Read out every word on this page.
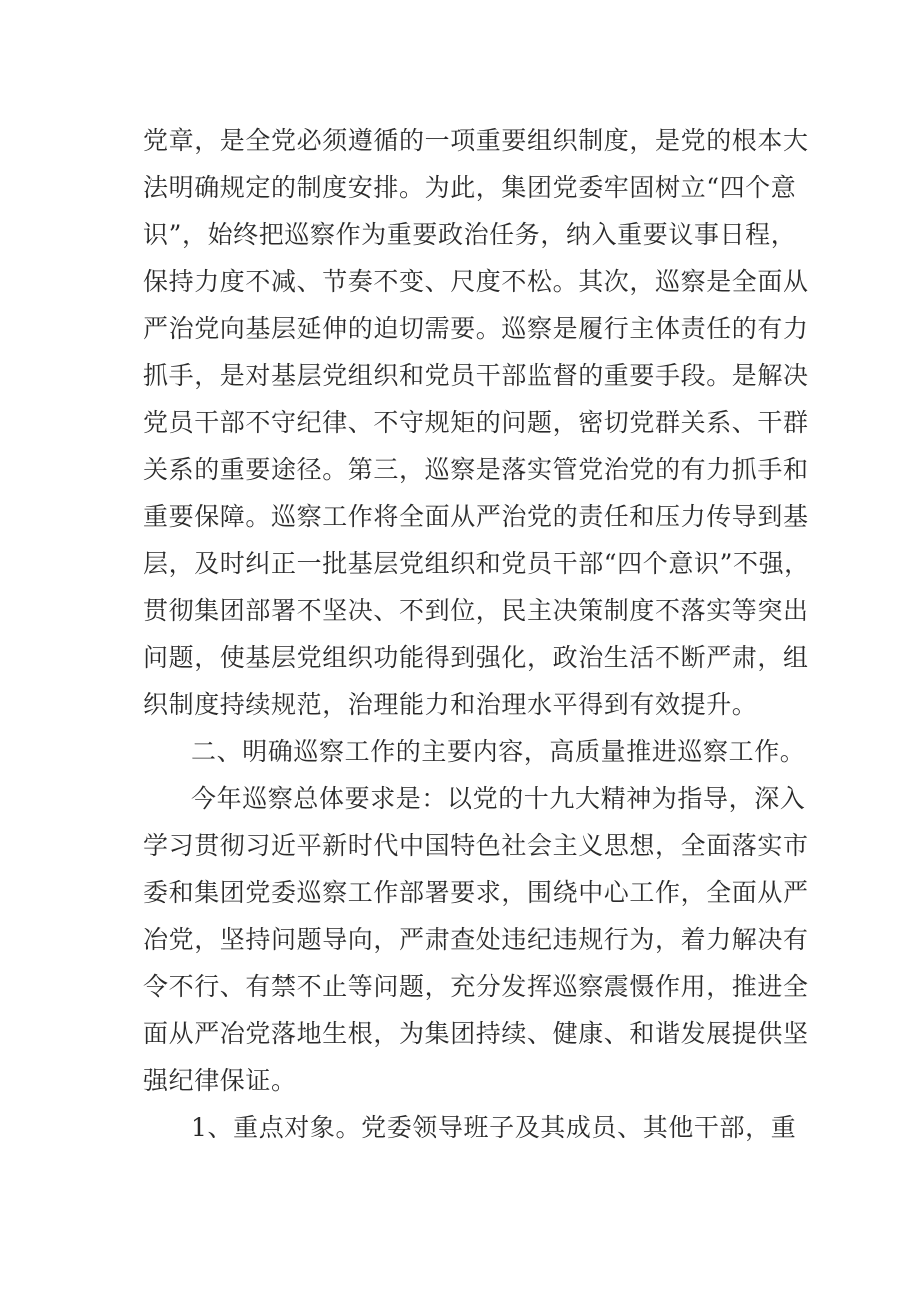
党章，是全党必须遵循的一项重要组织制度，是党的根本大
法明确规定的制度安排。为此，集团党委牢固树立“四个意
识”，始终把巡察作为重要政治任务，纳入重要议事日程，
保持力度不减、节奏不变、尺度不松。其次，巡察是全面从
严治党向基层延伸的迫切需要。巡察是履行主体责任的有力
抓手，是对基层党组织和党员干部监督的重要手段。是解决
党员干部不守纪律、不守规矩的问题，密切党群关系、干群
关系的重要途径。第三，巡察是落实管党治党的有力抓手和
重要保障。巡察工作将全面从严治党的责任和压力传导到基
层，及时纠正一批基层党组织和党员干部“四个意识”不强，
贯彻集团部署不坚决、不到位，民主决策制度不落实等突出
问题，使基层党组织功能得到强化，政治生活不断严肃，组
织制度持续规范，治理能力和治理水平得到有效提升。
二、明确巡察工作的主要内容，高质量推进巡察工作。
今年巡察总体要求是：以党的十九大精神为指导，深入
学习贯彻习近平新时代中国特色社会主义思想，全面落实市
委和集团党委巡察工作部署要求，围绕中心工作，全面从严
冶党，坚持问题导向，严肃查处违纪违规行为，着力解决有
令不行、有禁不止等问题，充分发挥巡察震慑作用，推进全
面从严冶党落地生根，为集团持续、健康、和谐发展提供坚
强纪律保证。
1、重点对象。党委领导班子及其成员、其他干部，重
